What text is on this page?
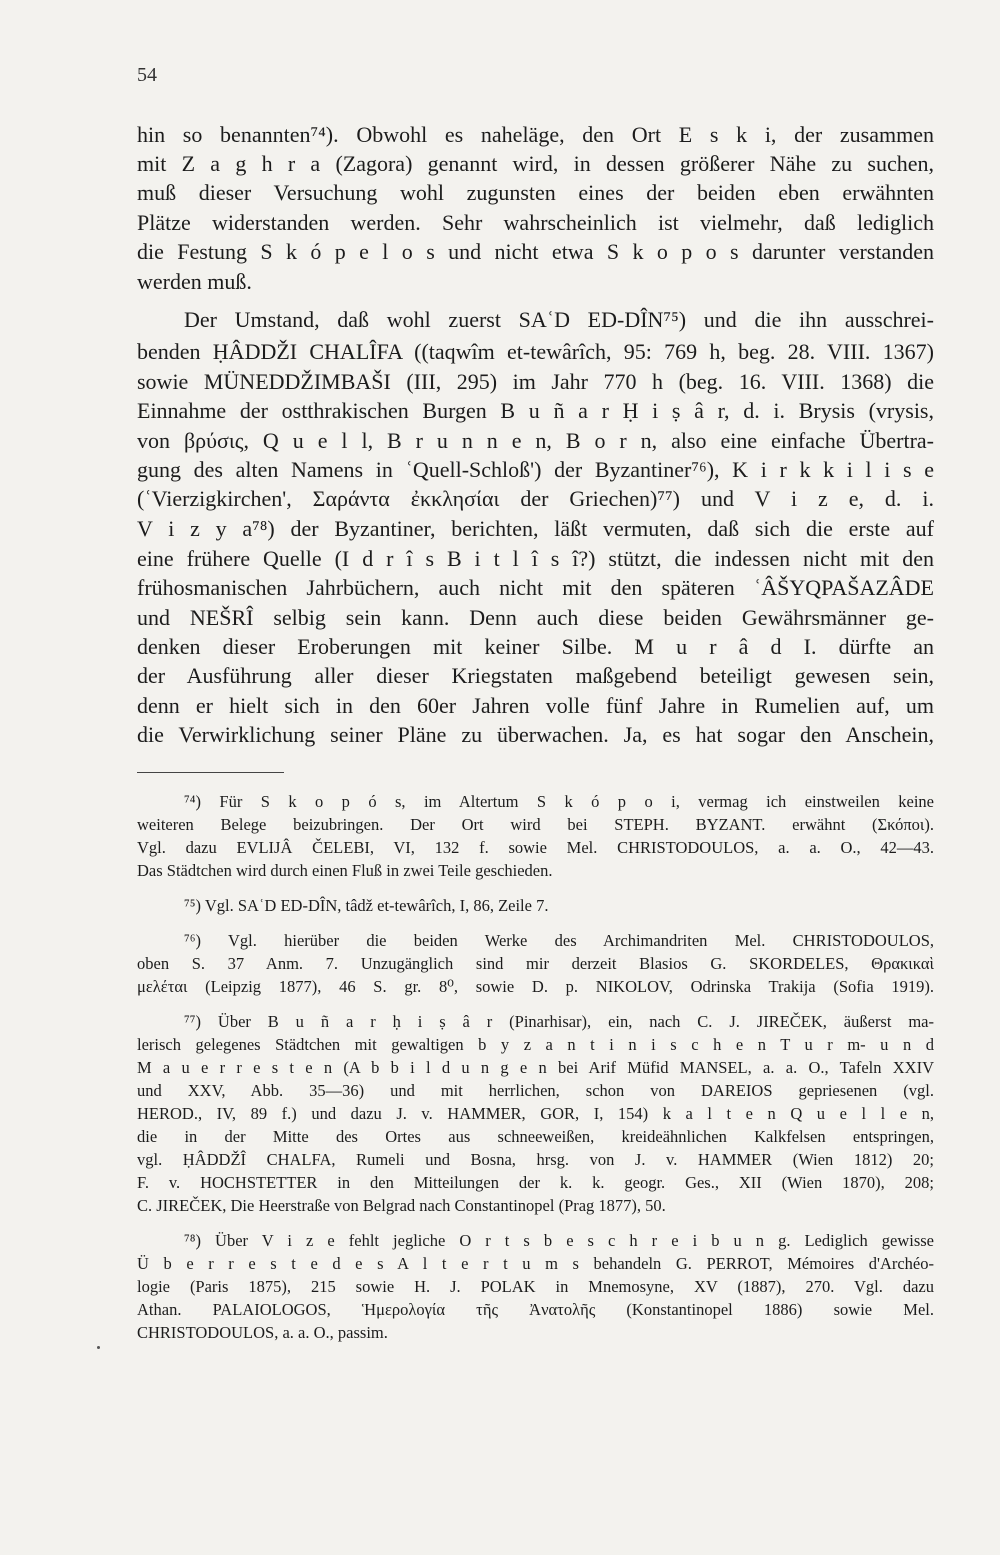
54
hin so benannten⁷⁴). Obwohl es naheläge, den Ort E s k i, der zusammen
mit Z a g h r a (Zagora) genannt wird, in dessen größerer Nähe zu suchen,
muß dieser Versuchung wohl zugunsten eines der beiden eben erwähnten
Plätze widerstanden werden. Sehr wahrscheinlich ist vielmehr, daß lediglich
die Festung S k ó p e l o s und nicht etwa S k o p o s darunter verstanden
werden muß.
Der Umstand, daß wohl zuerst SAʿD ED-DÎN⁷⁵) und die ihn ausschrei-
benden ḤÂDDŽI CHALÎFA ((taqwîm et-tewârîch, 95: 769 h, beg. 28. VIII. 1367)
sowie MÜNEDDŽIMBAŠI (III, 295) im Jahr 770 h (beg. 16. VIII. 1368) die
Einnahme der ostthrakischen Burgen B u ñ a r Ḥ i ṣ â r, d. i. Brysis (vrysis,
von βρύσις, Q u e l l, B r u n n e n, B o r n, also eine einfache Übertra-
gung des alten Namens in ʿQuell-Schloß') der Byzantiner⁷⁶), K i r k k i l i s e
(ʿVierzigkirchen', Σαράντα ἐκκλησίαι der Griechen)⁷⁷) und V i z e, d. i.
V i z y a⁷⁸) der Byzantiner, berichten, läßt vermuten, daß sich die erste auf
eine frühere Quelle (I d r î s B i t l î s î?) stützt, die indessen nicht mit den
frühosmanischen Jahrbüchern, auch nicht mit den späteren ʿÂŠYQPAŠAZÂDE
und NEŠRÎ selbig sein kann. Denn auch diese beiden Gewährsmänner ge-
denken dieser Eroberungen mit keiner Silbe. M u r â d I. dürfte an
der Ausführung aller dieser Kriegstaten maßgebend beteiligt gewesen sein,
denn er hielt sich in den 60er Jahren volle fünf Jahre in Rumelien auf, um
die Verwirklichung seiner Pläne zu überwachen. Ja, es hat sogar den Anschein,
⁷⁴) Für S k o p ó s, im Altertum S k ó p o i, vermag ich einstweilen keine
weiteren Belege beizubringen. Der Ort wird bei STEPH. BYZANT. erwähnt (Σκόποι).
Vgl. dazu EVLIJÂ ČELEBI, VI, 132 f. sowie Mel. CHRISTODOULOS, a. a. O., 42—43.
Das Städtchen wird durch einen Fluß in zwei Teile geschieden.
⁷⁵) Vgl. SAʿD ED-DÎN, tâdž et-tewârîch, I, 86, Zeile 7.
⁷⁶) Vgl. hierüber die beiden Werke des Archimandriten Mel. CHRISTODOULOS,
oben S. 37 Anm. 7. Unzugänglich sind mir derzeit Blasios G. SKORDELES, Θρακικαὶ
μελέται (Leipzig 1877), 46 S. gr. 8⁰, sowie D. p. NIKOLOV, Odrinska Trakija (Sofia 1919).
⁷⁷) Über B u ñ a r ḥ i ṣ â r (Pinarhisar), ein, nach C. J. JIREČEK, äußerst ma-
lerisch gelegenes Städtchen mit gewaltigen b y z a n t i n i s c h e n T u r m- u n d
M a u e r r e s t e n (A b b i l d u n g e n bei Arif Müfid MANSEL, a. a. O., Tafeln XXIV
und XXV, Abb. 35—36) und mit herrlichen, schon von DAREIOS gepriesenen (vgl.
HEROD., IV, 89 f.) und dazu J. v. HAMMER, GOR, I, 154) k a l t e n Q u e l l e n,
die in der Mitte des Ortes aus schneeweißen, kreideähnlichen Kalkfelsen entspringen,
vgl. ḤÂDDŽÎ CHALFA, Rumeli und Bosna, hrsg. von J. v. HAMMER (Wien 1812) 20;
F. v. HOCHSTETTER in den Mitteilungen der k. k. geogr. Ges., XII (Wien 1870), 208;
C. JIREČEK, Die Heerstraße von Belgrad nach Constantinopel (Prag 1877), 50.
⁷⁸) Über V i z e fehlt jegliche O r t s b e s c h r e i b u n g. Lediglich gewisse
Ü b e r r e s t e d e s A l t e r t u m s behandeln G. PERROT, Mémoires d'Archéo-
logie (Paris 1875), 215 sowie H. J. POLAK in Mnemosyne, XV (1887), 270. Vgl. dazu
Athan. PALAIOLOGOS, Ἡμερολογία τῆς Ἀνατολῆς (Konstantinopel 1886) sowie Mel.
CHRISTODOULOS, a. a. O., passim.
